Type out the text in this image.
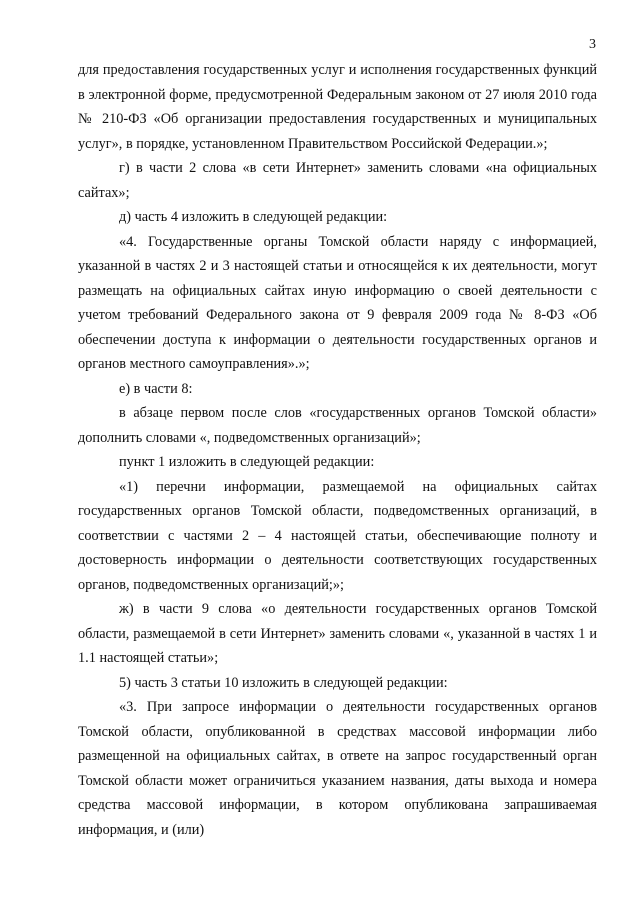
3

для предоставления государственных услуг и исполнения государственных функций в электронной форме, предусмотренной Федеральным законом от 27 июля 2010 года № 210-ФЗ «Об организации предоставления государственных и муниципальных услуг», в порядке, установленном Правительством Российской Федерации.»;

г) в части 2 слова «в сети Интернет» заменить словами «на официальных сайтах»;

д) часть 4 изложить в следующей редакции:

«4. Государственные органы Томской области наряду с информацией, указанной в частях 2 и 3 настоящей статьи и относящейся к их деятельности, могут размещать на официальных сайтах иную информацию о своей деятельности с учетом требований Федерального закона от 9 февраля 2009 года № 8-ФЗ «Об обеспечении доступа к информации о деятельности государственных органов и органов местного самоуправления».»;

е) в части 8:

в абзаце первом после слов «государственных органов Томской области» дополнить словами «, подведомственных организаций»;

пункт 1 изложить в следующей редакции:

«1) перечни информации, размещаемой на официальных сайтах государственных органов Томской области, подведомственных организаций, в соответствии с частями 2 – 4 настоящей статьи, обеспечивающие полноту и достоверность информации о деятельности соответствующих государственных органов, подведомственных организаций;»;

ж) в части 9 слова «о деятельности государственных органов Томской области, размещаемой в сети Интернет» заменить словами «, указанной в частях 1 и 1.1 настоящей статьи»;

5) часть 3 статьи 10 изложить в следующей редакции:

«3. При запросе информации о деятельности государственных органов Томской области, опубликованной в средствах массовой информации либо размещенной на официальных сайтах, в ответе на запрос государственный орган Томской области может ограничиться указанием названия, даты выхода и номера средства массовой информации, в котором опубликована запрашиваемая информация, и (или)
